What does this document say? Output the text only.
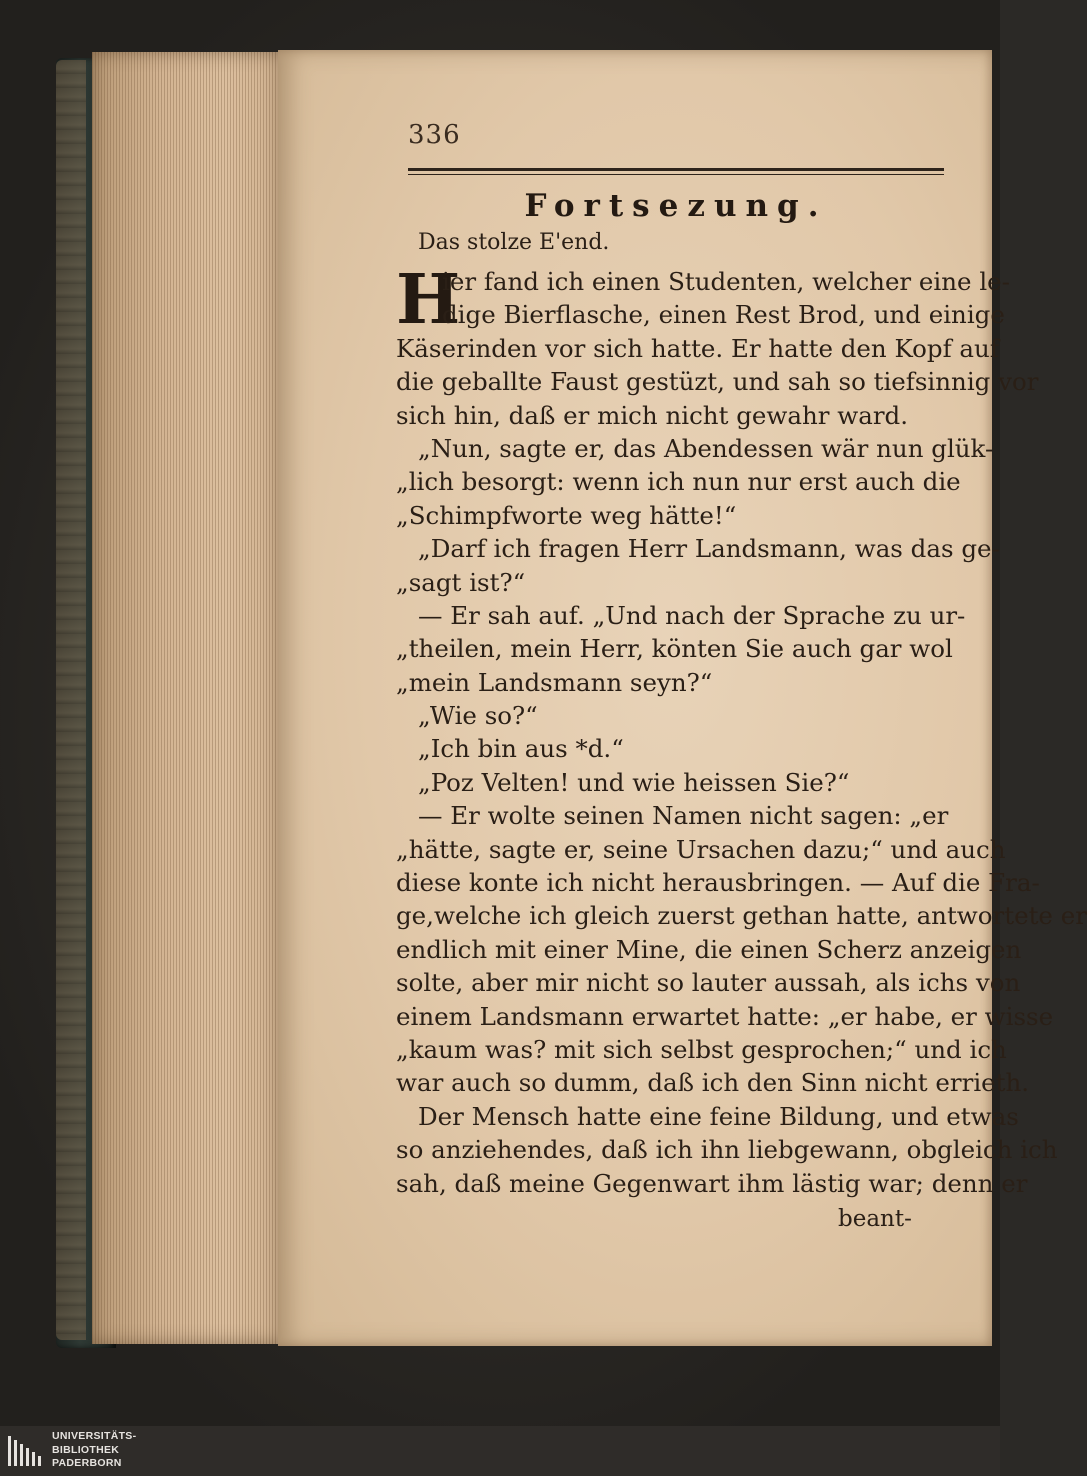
336
Fortsezung.
Das stolze E'end.
H
ier fand ich einen Studenten, welcher eine le-
dige Bierflasche, einen Rest Brod, und einige
Käserinden vor sich hatte. Er hatte den Kopf auf
die geballte Faust gestüzt, und sah so tiefsinnig vor
sich hin, daß er mich nicht gewahr ward.
„Nun, sagte er, das Abendessen wär nun glük-
„lich besorgt: wenn ich nun nur erst auch die
„Schimpfworte weg hätte!“
„Darf ich fragen Herr Landsmann, was das ge-
„sagt ist?“
— Er sah auf. „Und nach der Sprache zu ur-
„theilen, mein Herr, könten Sie auch gar wol
„mein Landsmann seyn?“
„Wie so?“
„Ich bin aus *d.“
„Poz Velten! und wie heissen Sie?“
— Er wolte seinen Namen nicht sagen: „er
„hätte, sagte er, seine Ursachen dazu;“ und auch
diese konte ich nicht herausbringen. — Auf die Fra-
ge,welche ich gleich zuerst gethan hatte, antwortete er
endlich mit einer Mine, die einen Scherz anzeigen
solte, aber mir nicht so lauter aussah, als ichs von
einem Landsmann erwartet hatte: „er habe, er wisse
„kaum was? mit sich selbst gesprochen;“ und ich
war auch so dumm, daß ich den Sinn nicht errieth.
Der Mensch hatte eine feine Bildung, und etwas
so anziehendes, daß ich ihn liebgewann, obgleich ich
sah, daß meine Gegenwart ihm lästig war; denn er
beant-
UNIVERSITÄTS-
BIBLIOTHEK
PADERBORN
